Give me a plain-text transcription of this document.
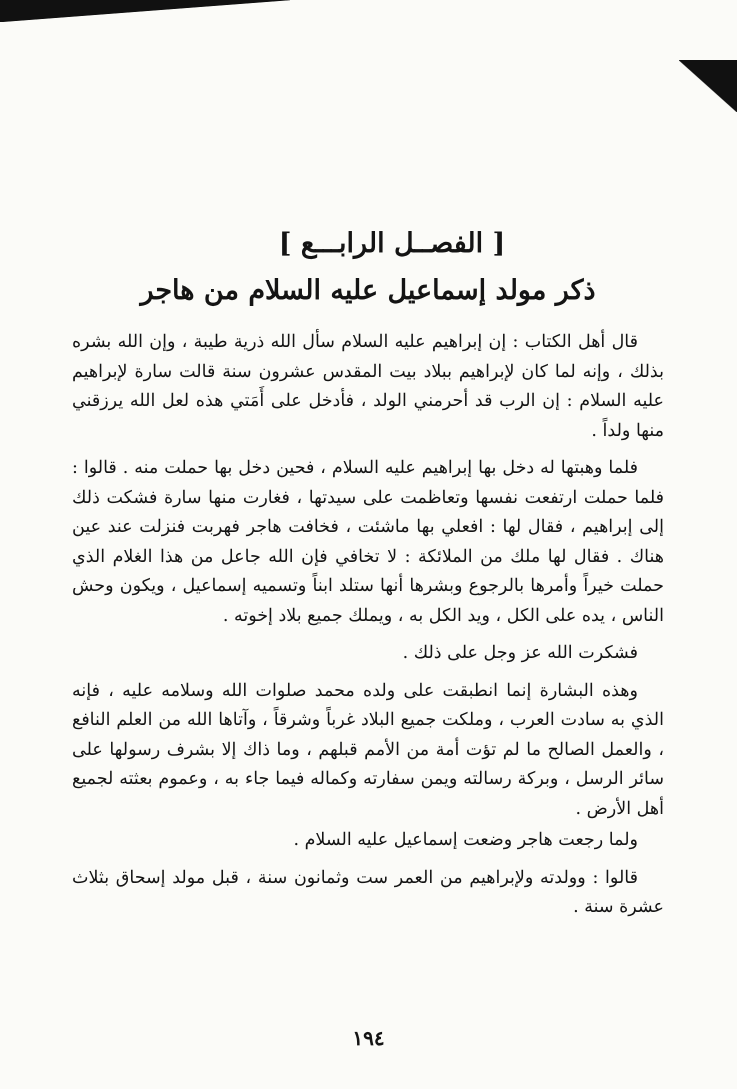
[ الفصــل الرابـــع ]
ذكر مولد إسماعيل عليه السلام من هاجر

قال أهل الكتاب : إن إبراهيم عليه السلام سأل الله ذرية طيبة ، وإن الله بشره بذلك ، وإنه لما كان لإبراهيم ببلاد بيت المقدس عشرون سنة قالت سارة لإبراهيم عليه السلام : إن الرب قد أحرمني الولد ، فأدخل على أَمَتي هذه لعل الله يرزقني منها ولداً .

فلما وهبتها له دخل بها إبراهيم عليه السلام ، فحين دخل بها حملت منه . قالوا : فلما حملت ارتفعت نفسها وتعاظمت على سيدتها ، فغارت منها سارة فشكت ذلك إلى إبراهيم ، فقال لها : افعلي بها ماشئت ، فخافت هاجر فهربت فنزلت عند عين هناك . فقال لها ملك من الملائكة : لا تخافي فإن الله جاعل من هذا الغلام الذي حملت خيراً وأمرها بالرجوع وبشرها أنها ستلد ابناً وتسميه إسماعيل ، ويكون وحش الناس ، يده على الكل ، ويد الكل به ، ويملك جميع بلاد إخوته .

فشكرت الله عز وجل على ذلك .

وهذه البشارة إنما انطبقت على ولده محمد صلوات الله وسلامه عليه ، فإنه الذي به سادت العرب ، وملكت جميع البلاد غرباً وشرقاً ، وآتاها الله من العلم النافع ، والعمل الصالح ما لم تؤت أمة من الأمم قبلهم ، وما ذاك إلا بشرف رسولها على سائر الرسل ، وبركة رسالته ويمن سفارته وكماله فيما جاء به ، وعموم بعثته لجميع أهل الأرض .

ولما رجعت هاجر وضعت إسماعيل عليه السلام .

قالوا : وولدته ولإبراهيم من العمر ست وثمانون سنة ، قبل مولد إسحاق بثلاث عشرة سنة .

١٩٤
